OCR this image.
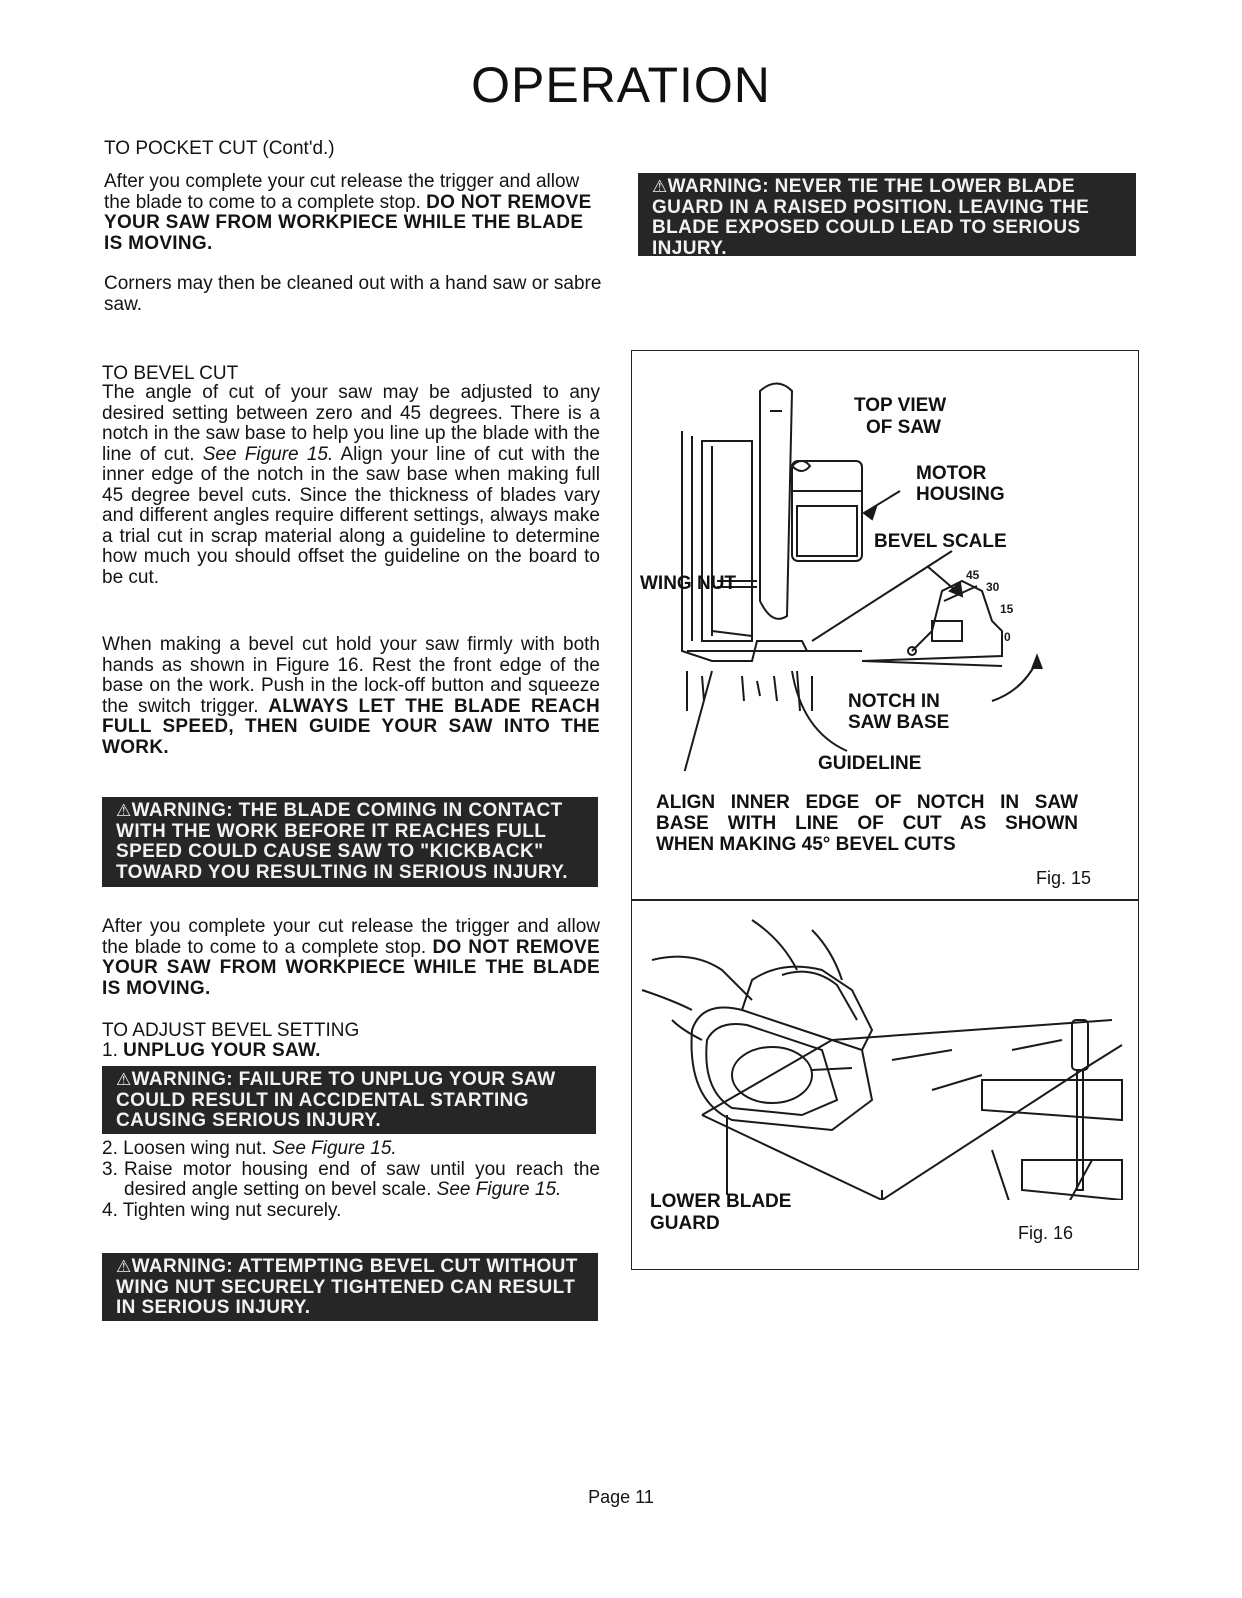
OPERATION
TO POCKET CUT (Cont'd.)
After you complete your cut release the trigger and allow the blade to come to a complete stop. DO NOT REMOVE YOUR SAW FROM WORKPIECE WHILE THE BLADE IS MOVING.
Corners may then be cleaned out with a hand saw or sabre saw.
TO BEVEL CUT
The angle of cut of your saw may be adjusted to any desired setting between zero and 45 degrees. There is a notch in the saw base to help you line up the blade with the line of cut. See Figure 15. Align your line of cut with the inner edge of the notch in the saw base when making full 45 degree bevel cuts. Since the thickness of blades vary and different angles require different settings, always make a trial cut in scrap material along a guideline to determine how much you should offset the guideline on the board to be cut.
When making a bevel cut hold your saw firmly with both hands as shown in Figure 16. Rest the front edge of the base on the work. Push in the lock-off button and squeeze the switch trigger. ALWAYS LET THE BLADE REACH FULL SPEED, THEN GUIDE YOUR SAW INTO THE WORK.
⚠WARNING: THE BLADE COMING IN CONTACT WITH THE WORK BEFORE IT REACHES FULL SPEED COULD CAUSE SAW TO "KICKBACK" TOWARD YOU RESULTING IN SERIOUS INJURY.
After you complete your cut release the trigger and allow the blade to come to a complete stop. DO NOT REMOVE YOUR SAW FROM WORKPIECE WHILE THE BLADE IS MOVING.
TO ADJUST BEVEL SETTING
1. UNPLUG YOUR SAW.
⚠WARNING: FAILURE TO UNPLUG YOUR SAW COULD RESULT IN ACCIDENTAL STARTING CAUSING SERIOUS INJURY.
2. Loosen wing nut. See Figure 15.
3. Raise motor housing end of saw until you reach the desired angle setting on bevel scale. See Figure 15.
4. Tighten wing nut securely.
⚠WARNING: ATTEMPTING BEVEL CUT WITHOUT WING NUT SECURELY TIGHTENED CAN RESULT IN SERIOUS INJURY.
⚠WARNING: NEVER TIE THE LOWER BLADE GUARD IN A RAISED POSITION. LEAVING THE BLADE EXPOSED COULD LEAD TO SERIOUS INJURY.
45
30
15
0
TOP VIEW
OF SAW
MOTOR
HOUSING
BEVEL SCALE
WING NUT
NOTCH IN
SAW BASE
GUIDELINE
ALIGN INNER EDGE OF NOTCH IN SAW
BASE WITH LINE OF CUT AS SHOWN
WHEN MAKING 45° BEVEL CUTS
Fig. 15
LOWER BLADE
GUARD	Fig. 16
Page 11
